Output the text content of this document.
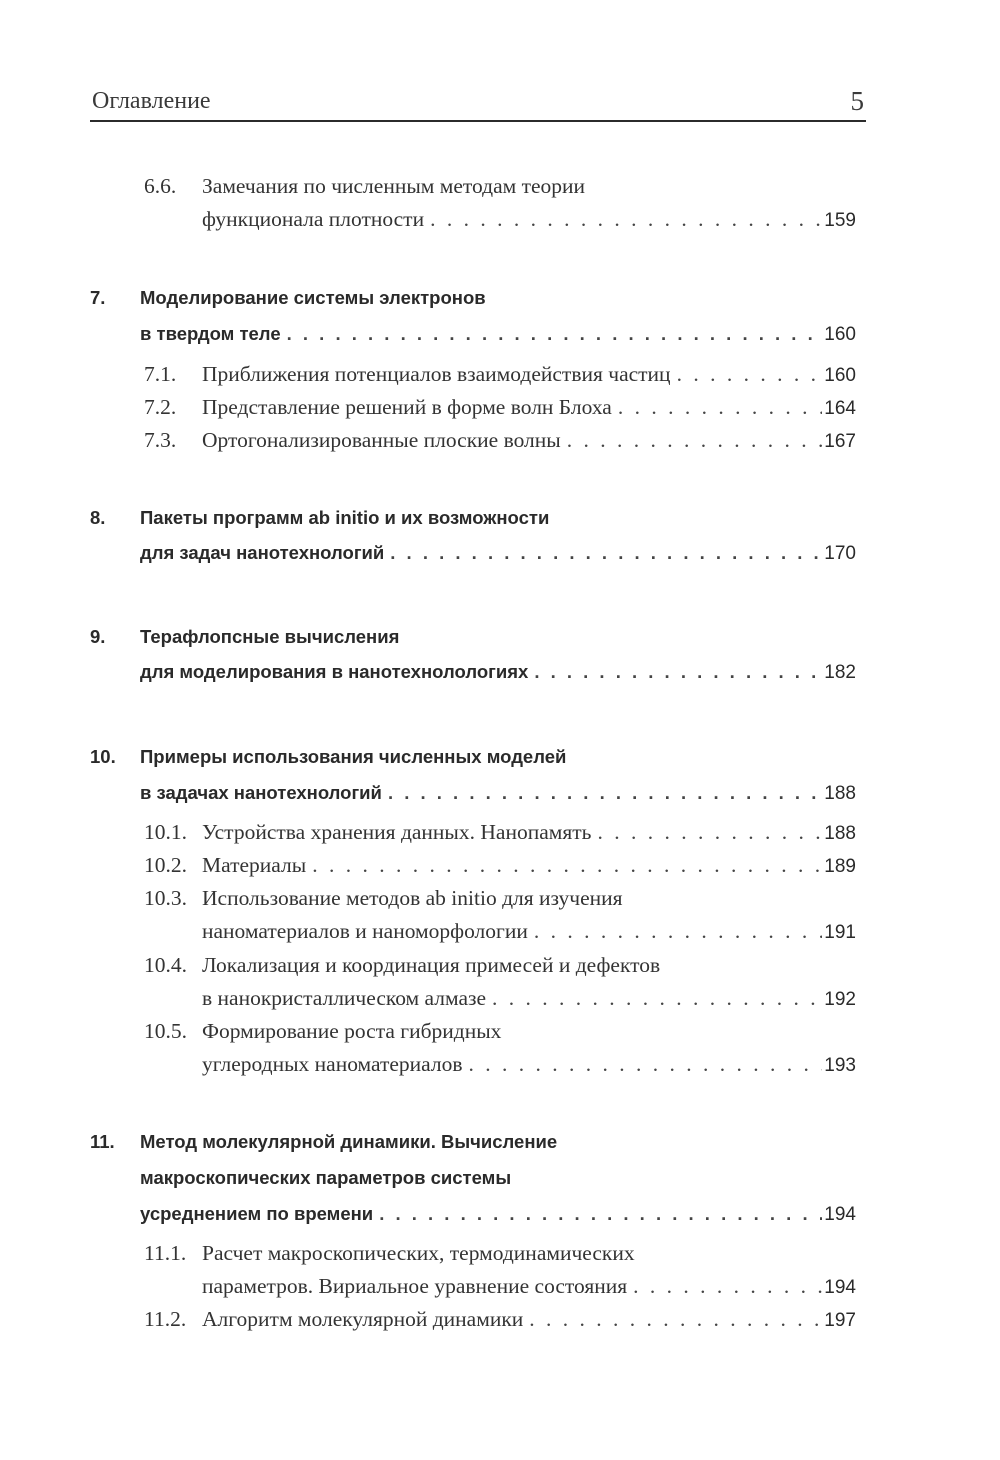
Оглавление	5
6.6. Замечания по численным методам теории
функционала плотности . . .	159
7. Моделирование системы электронов
в твердом теле . . .	160
7.1. Приближения потенциалов взаимодействия частиц . . .	160
7.2. Представление решений в форме волн Блоха . . .	164
7.3. Ортогонализированные плоские волны . . .	167
8. Пакеты программ ab initio и их возможности
для задач нанотехнологий . . .	170
9. Терафлопсные вычисления
для моделирования в нанотехнолологиях . . .	182
10. Примеры использования численных моделей
в задачах нанотехнологий . . .	188
10.1. Устройства хранения данных. Нанопамять . . .	188
10.2. Материалы . . .	189
10.3. Использование методов ab initio для изучения
наноматериалов и наноморфологии . . .	191
10.4. Локализация и координация примесей и дефектов
в нанокристаллическом алмазе . . .	192
10.5. Формирование роста гибридных
углеродных наноматериалов . . .	193
11. Метод молекулярной динамики. Вычисление
макроскопических параметров системы
усреднением по времени . . .	194
11.1. Расчет макроскопических, термодинамических
параметров. Вириальное уравнение состояния . . .	194
11.2. Алгоритм молекулярной динамики . . .	197
